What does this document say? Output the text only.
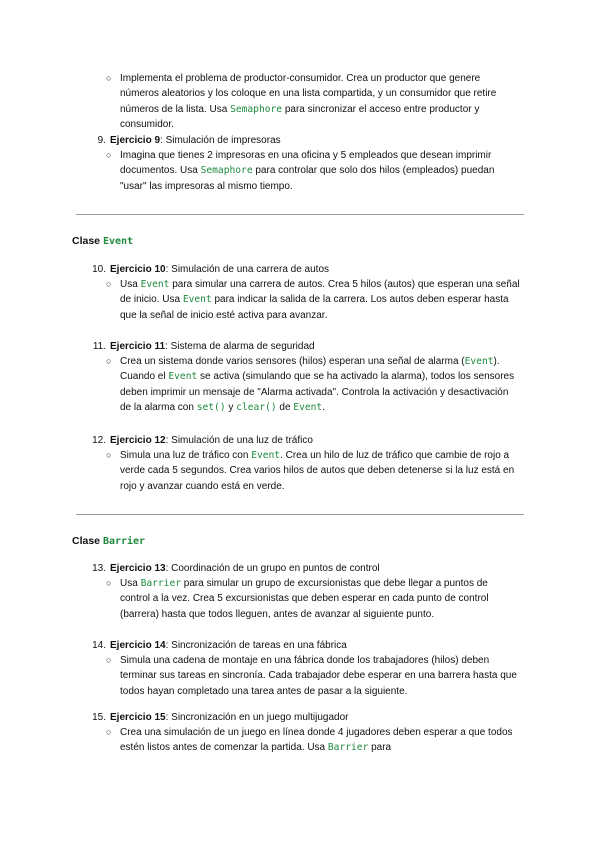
○ Implementa el problema de productor-consumidor. Crea un productor que genere números aleatorios y los coloque en una lista compartida, y un consumidor que retire números de la lista. Usa Semaphore para sincronizar el acceso entre productor y consumidor.
9. Ejercicio 9: Simulación de impresoras
○ Imagina que tienes 2 impresoras en una oficina y 5 empleados que desean imprimir documentos. Usa Semaphore para controlar que solo dos hilos (empleados) puedan "usar" las impresoras al mismo tiempo.
Clase Event
10. Ejercicio 10: Simulación de una carrera de autos
○ Usa Event para simular una carrera de autos. Crea 5 hilos (autos) que esperan una señal de inicio. Usa Event para indicar la salida de la carrera. Los autos deben esperar hasta que la señal de inicio esté activa para avanzar.
11. Ejercicio 11: Sistema de alarma de seguridad
○ Crea un sistema donde varios sensores (hilos) esperan una señal de alarma (Event). Cuando el Event se activa (simulando que se ha activado la alarma), todos los sensores deben imprimir un mensaje de "Alarma activada". Controla la activación y desactivación de la alarma con set() y clear() de Event.
12. Ejercicio 12: Simulación de una luz de tráfico
○ Simula una luz de tráfico con Event. Crea un hilo de luz de tráfico que cambie de rojo a verde cada 5 segundos. Crea varios hilos de autos que deben detenerse si la luz está en rojo y avanzar cuando está en verde.
Clase Barrier
13. Ejercicio 13: Coordinación de un grupo en puntos de control
○ Usa Barrier para simular un grupo de excursionistas que debe llegar a puntos de control a la vez. Crea 5 excursionistas que deben esperar en cada punto de control (barrera) hasta que todos lleguen, antes de avanzar al siguiente punto.
14. Ejercicio 14: Sincronización de tareas en una fábrica
○ Simula una cadena de montaje en una fábrica donde los trabajadores (hilos) deben terminar sus tareas en sincronía. Cada trabajador debe esperar en una barrera hasta que todos hayan completado una tarea antes de pasar a la siguiente.
15. Ejercicio 15: Sincronización en un juego multijugador
○ Crea una simulación de un juego en línea donde 4 jugadores deben esperar a que todos estén listos antes de comenzar la partida. Usa Barrier para
